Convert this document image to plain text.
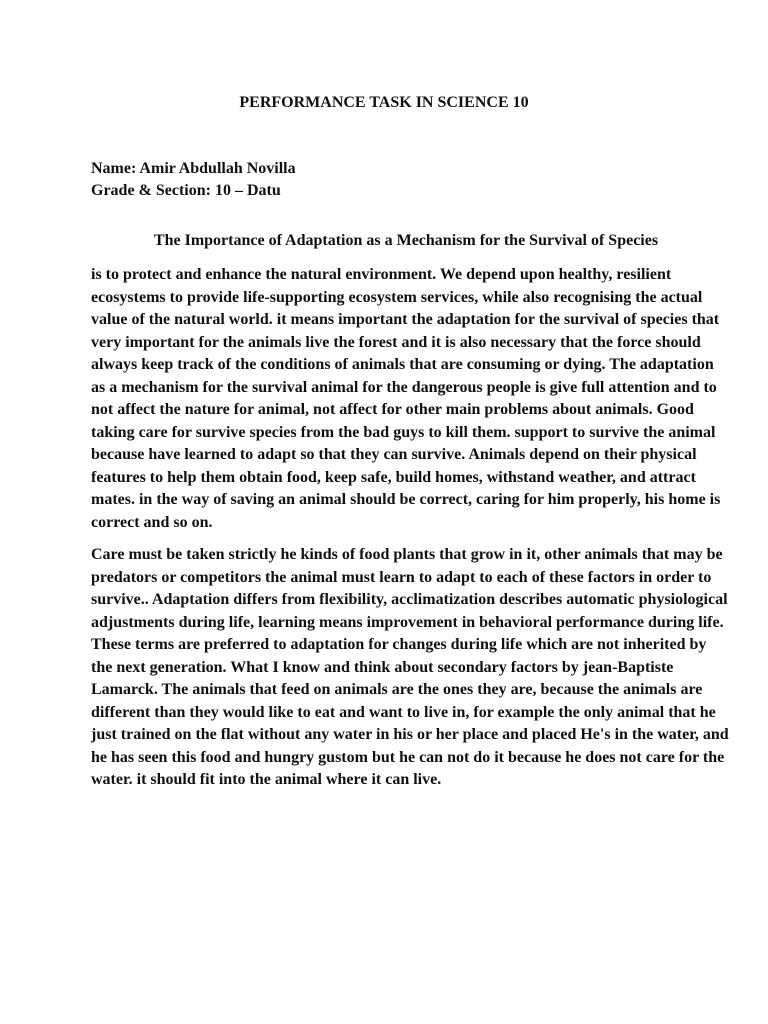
PERFORMANCE TASK IN SCIENCE 10
Name: Amir Abdullah Novilla
Grade & Section: 10 – Datu
The Importance of Adaptation as a Mechanism for the Survival of Species

is to protect and enhance the natural environment. We depend upon healthy, resilient ecosystems to provide life-supporting ecosystem services, while also recognising the actual value of the natural world. it means important the adaptation for the survival of species that very important for the animals live the forest and it is also necessary that the force should always keep track of the conditions of animals that are consuming or dying. The adaptation as a mechanism for the survival animal for the dangerous people is give full attention and to not affect the nature for animal, not affect for other main problems about animals. Good taking care for survive species from the bad guys to kill them. support to survive the animal because have learned to adapt so that they can survive. Animals depend on their physical features to help them obtain food, keep safe, build homes, withstand weather, and attract mates. in the way of saving an animal should be correct, caring for him properly, his home is correct and so on.

Care must be taken strictly he kinds of food plants that grow in it, other animals that may be predators or competitors the animal must learn to adapt to each of these factors in order to survive.. Adaptation differs from flexibility, acclimatization describes automatic physiological adjustments during life, learning means improvement in behavioral performance during life. These terms are preferred to adaptation for changes during life which are not inherited by the next generation. What I know and think about secondary factors by jean-Baptiste Lamarck. The animals that feed on animals are the ones they are, because the animals are different than they would like to eat and want to live in, for example the only animal that he just trained on the flat without any water in his or her place and placed He's in the water, and he has seen this food and hungry gustom but he can not do it because he does not care for the water. it should fit into the animal where it can live.
